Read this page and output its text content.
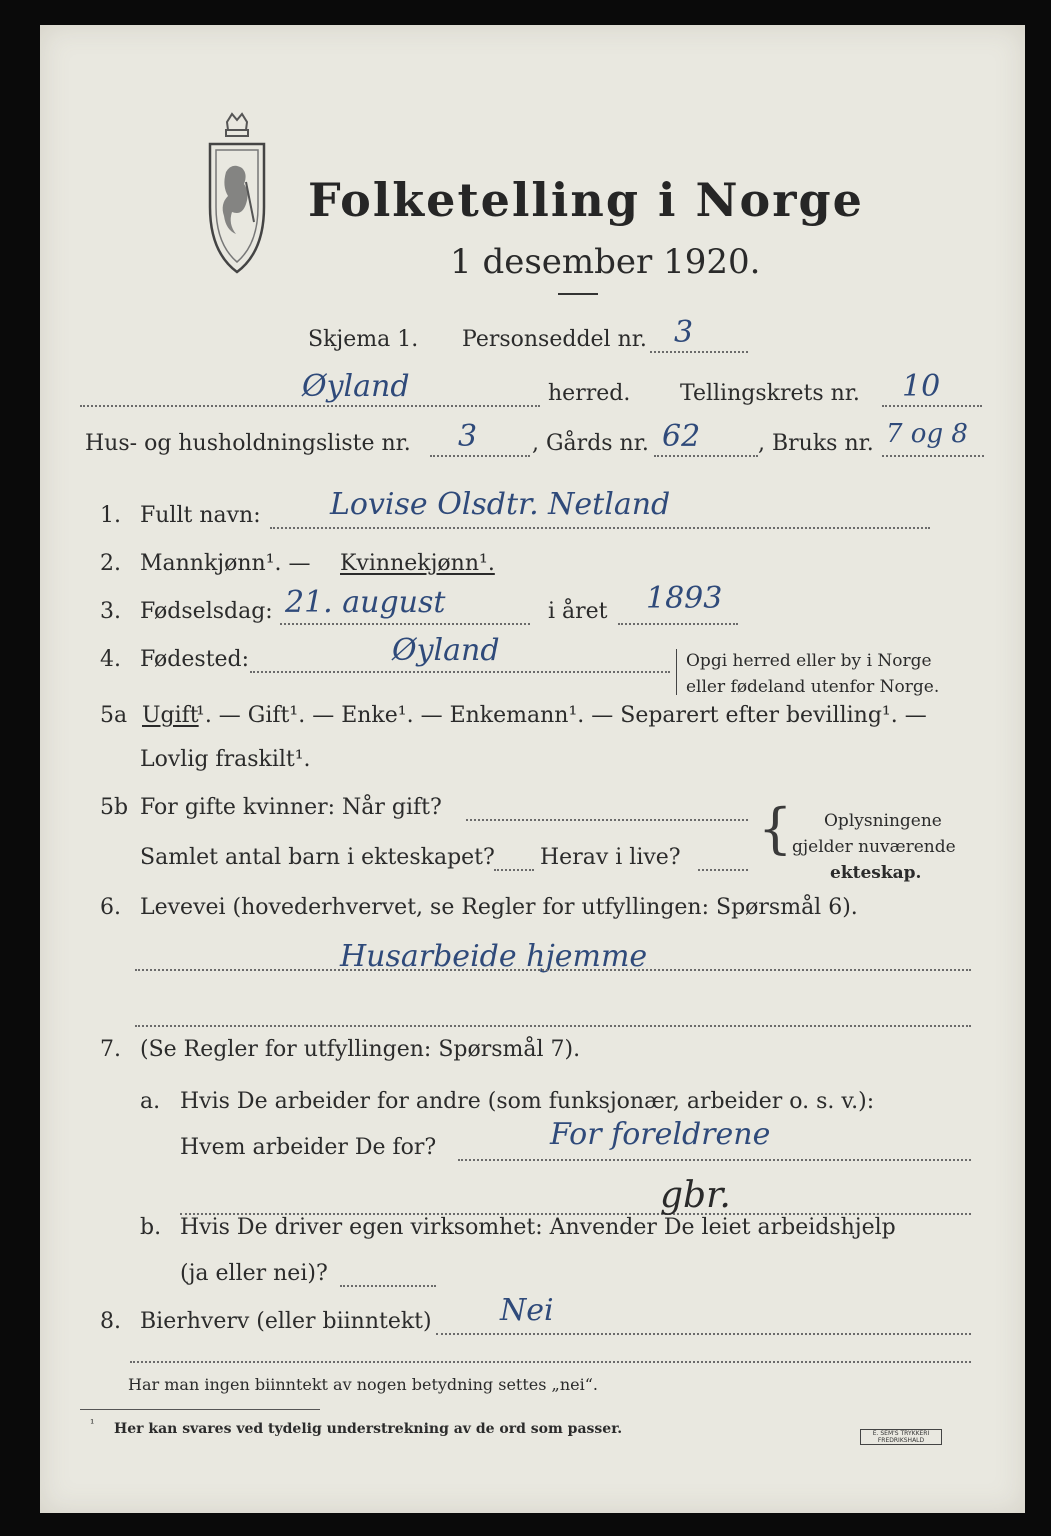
Folketelling i Norge
1 desember 1920.
Skjema 1. Personseddel nr. 3
Øyland	herred. Tellingskrets nr. 10
Hus- og husholdningsliste nr. 3 , Gårds nr. 62	, Bruks nr. 7 og 8
1. Fullt navn: Lovise Olsdtr. Netland
2. Mannkjønn¹. — Kvinnekjønn¹.
3. Fødselsdag: 21. august	i året 1893
4. Fødested:	Øyland	Opgi herred eller by i Norge
eller fødeland utenfor Norge.
5a Ugift
¹. — Gift¹. — Enke¹. — Enkemann¹. — Separert efter bevilling¹. —
Lovlig fraskilt¹.
5b For gifte kvinner: Når gift?
Samlet antal barn i ekteskapet? Herav i live? { Oplysningene
gjelder nuværende
ekteskap.
6. Levevei (hovederhvervet, se Regler for utfyllingen: Spørsmål 6).
Husarbeide hjemme
7. (Se Regler for utfyllingen: Spørsmål 7).
a. Hvis De arbeider for andre (som funksjonær, arbeider o. s. v.):
Hvem arbeider De for?	For foreldrene
gbr.
b. Hvis De driver egen virksomhet: Anvender De leiet arbeidshjelp
(ja eller nei)?
8. Bierhverv (eller biinntekt) Nei
Har man ingen biinntekt av nogen betydning settes „nei“.
¹ Her kan svares ved tydelig understrekning av de ord som passer.	E. SEM'S TRYKKERI FREDRIKSHALD
